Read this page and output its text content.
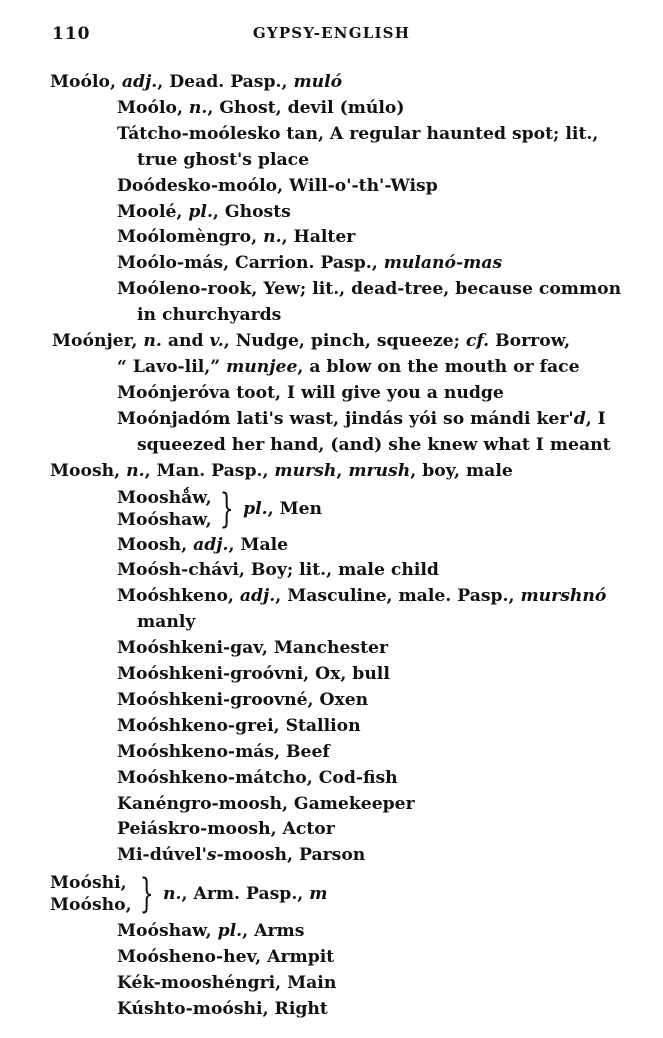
110	GYPSY-ENGLISH
Moólo, adj., Dead. Pasp., muló
Moólo, n., Ghost, devil (múlo)
Tátcho-moólesko tan, A regular haunted spot; lit.,
true ghost's place
Doódesko-moólo, Will-o'-th'-Wisp
Moolé, pl., Ghosts
Moólomèngro, n., Halter
Moólo-más, Carrion. Pasp., mulanó-mas
Moóleno-rook, Yew; lit., dead-tree, because common
in churchyards
Moónjer, n. and v., Nudge, pinch, squeeze; cf. Borrow,
“ Lavo-lil,” munjee, a blow on the mouth or face
Moónjeróva toot, I will give you a nudge
Moónjadóm lati's wast, jindás yói so mándi ker'd, I
squeezed her hand, (and) she knew what I meant
Moosh, n., Man. Pasp., mursh, mrush, boy, male
Mooshǻw,
Moóshaw, } pl., Men
Moosh, adj., Male
Moósh-chávi, Boy; lit., male child
Moóshkeno, adj., Masculine, male. Pasp., murshnó
manly
Moóshkeni-gav, Manchester
Moóshkeni-groóvni, Ox, bull
Moóshkeni-groovné, Oxen
Moóshkeno-grei, Stallion
Moóshkeno-más, Beef
Moóshkeno-mátcho, Cod-fish
Kanéngro-moosh, Gamekeeper
Peiáskro-moosh, Actor
Mi-dúvel's-moosh, Parson
Moóshi,
Moósho, } n., Arm. Pasp., m
Moóshaw, pl., Arms
Moósheno-hev, Armpit
Kék-mooshéngri, Main
Kúshto-moóshi, Right
